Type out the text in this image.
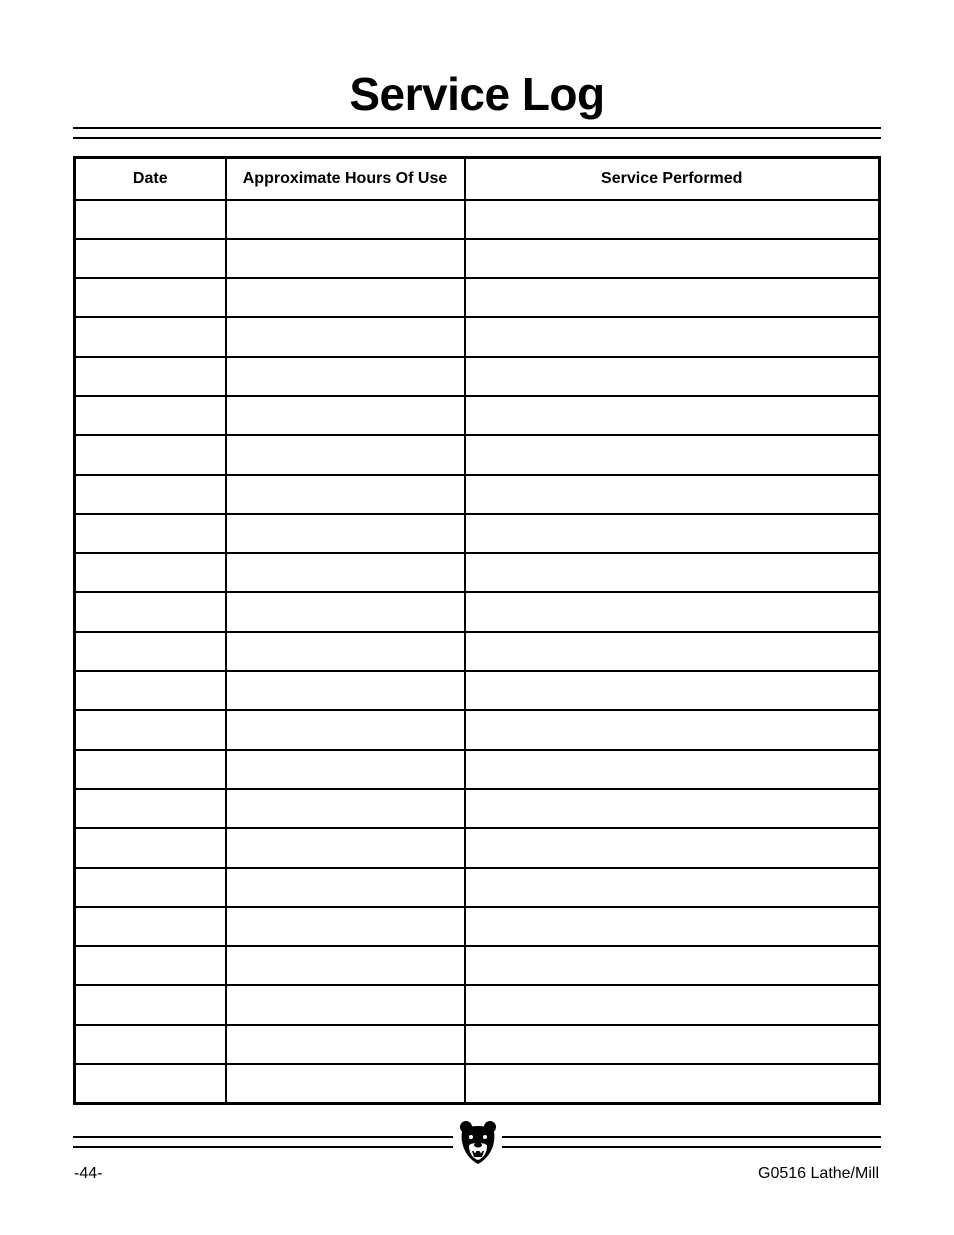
Service Log
Date	Approximate Hours Of Use	Service Performed

-44-	G0516 Lathe/Mill
